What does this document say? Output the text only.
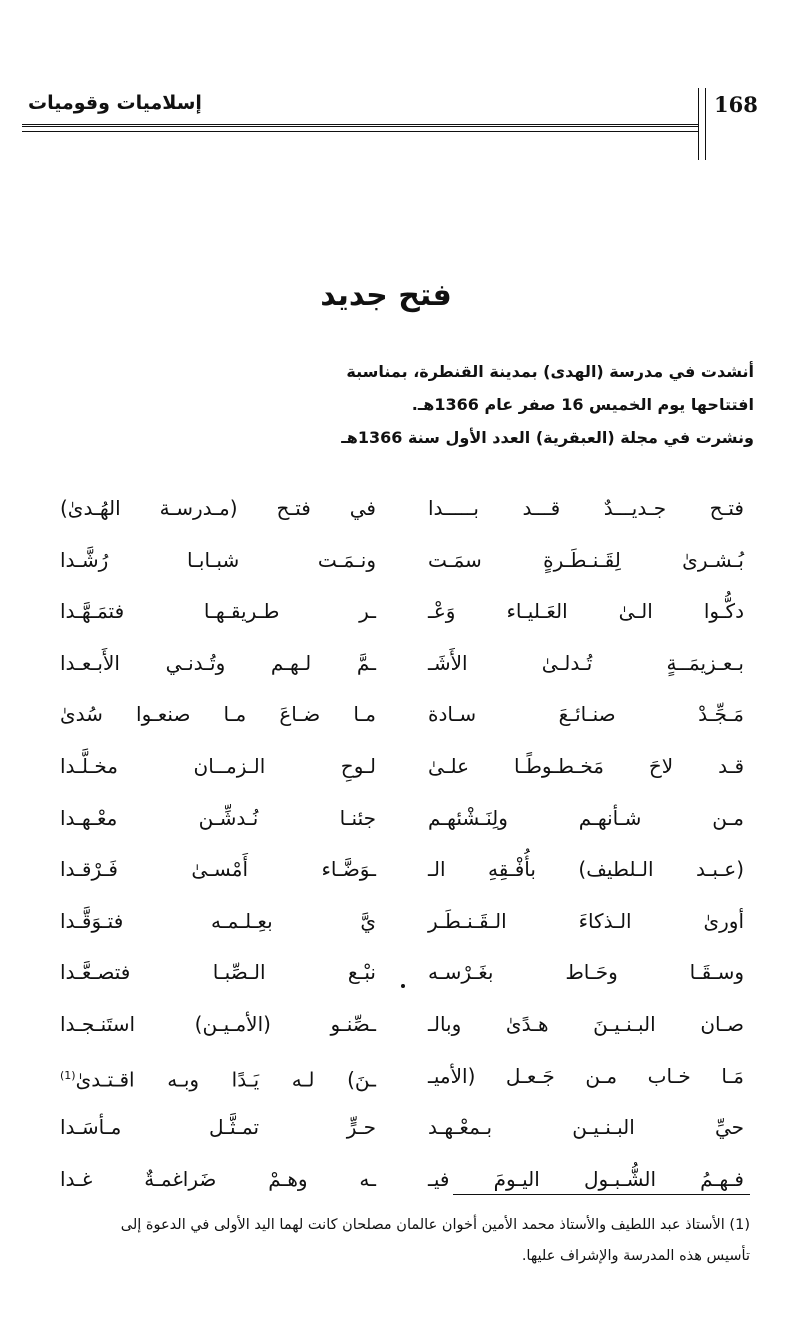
إسلاميات وقوميات	168
فتح جديد
أنشدت في مدرسة (الهدى) بمدينة القنطرة، بمناسبة
افتتاحها يوم الخميس 16 صفر عام 1366هـ.
ونشرت في مجلة (العبقرية) العدد الأول سنة 1366هـ
فتـح جـديـــدٌ قـــد بـــــدا
في فتـح (مـدرسـة الهُـدیٰ)
بُـشـریٰ لِقَـنـطَـرةٍ سمَـت
ونـمَـت شبـابـا رُشَّـدا
دکُّـوا الـیٰ العَـلیـاء وَعْـ
ـر طـریقـهـا فتمَـهَّـدا
بـعـزيمَــةٍ تُـدلـیٰ الأَشَـ
ـمَّ لـهـم وتُـدنـي الأَبـعـدا
مَـجِّـدْ صنـائـعَ سـادة
مـا ضـاعَ مـا صنعـوا سُدیٰ
قـد لاحَ مَخـطـوطًـا علـیٰ
لـوحِ الـزمــان مخـلَّـدا
مـن شـأنهـم ولِنَـشْئهـم
جئنـا نُـدشِّـن معْـهـدا
(عـبـد الـلطيف) بأُفْـقِهِ الـ
ـوَضَّـاء أَمْسـیٰ فَـرْقـدا
أوریٰ الـذکاءَ الـقَـنـطَـر
يَّ بعِـلـمـه فتـوَقَّـدا
وسـقَـا وحَـاط بغَـرْسـه
نبْـع الـصِّبـا فتصـعَّـدا
صـان البـنـیـنَ هـدًیٰ وبالـ
ـصِّنـو (الأمـیـن) استَنـجـدا
مَـا خـاب مـن جَـعـل (الأمیـ
ـنَ) لـه يَـدًا وبـه اقـتـدیٰ$^{(1)}$
حيِّ البـنـیـن بـمعْـهـد
حـرٍّ تمـثَّـل مـأسَـدا
فـهـمُ الشُّـبـول الیـومَ فيـ
ـه وهـمْ ضَراغمـةٌ غـدا
(1) الأستاذ عبد اللطيف والأستاذ محمد الأمين أخوان عالمان مصلحان كانت لهما اليد الأولى في الدعوة إلى
تأسيس هذه المدرسة والإشراف عليها.
